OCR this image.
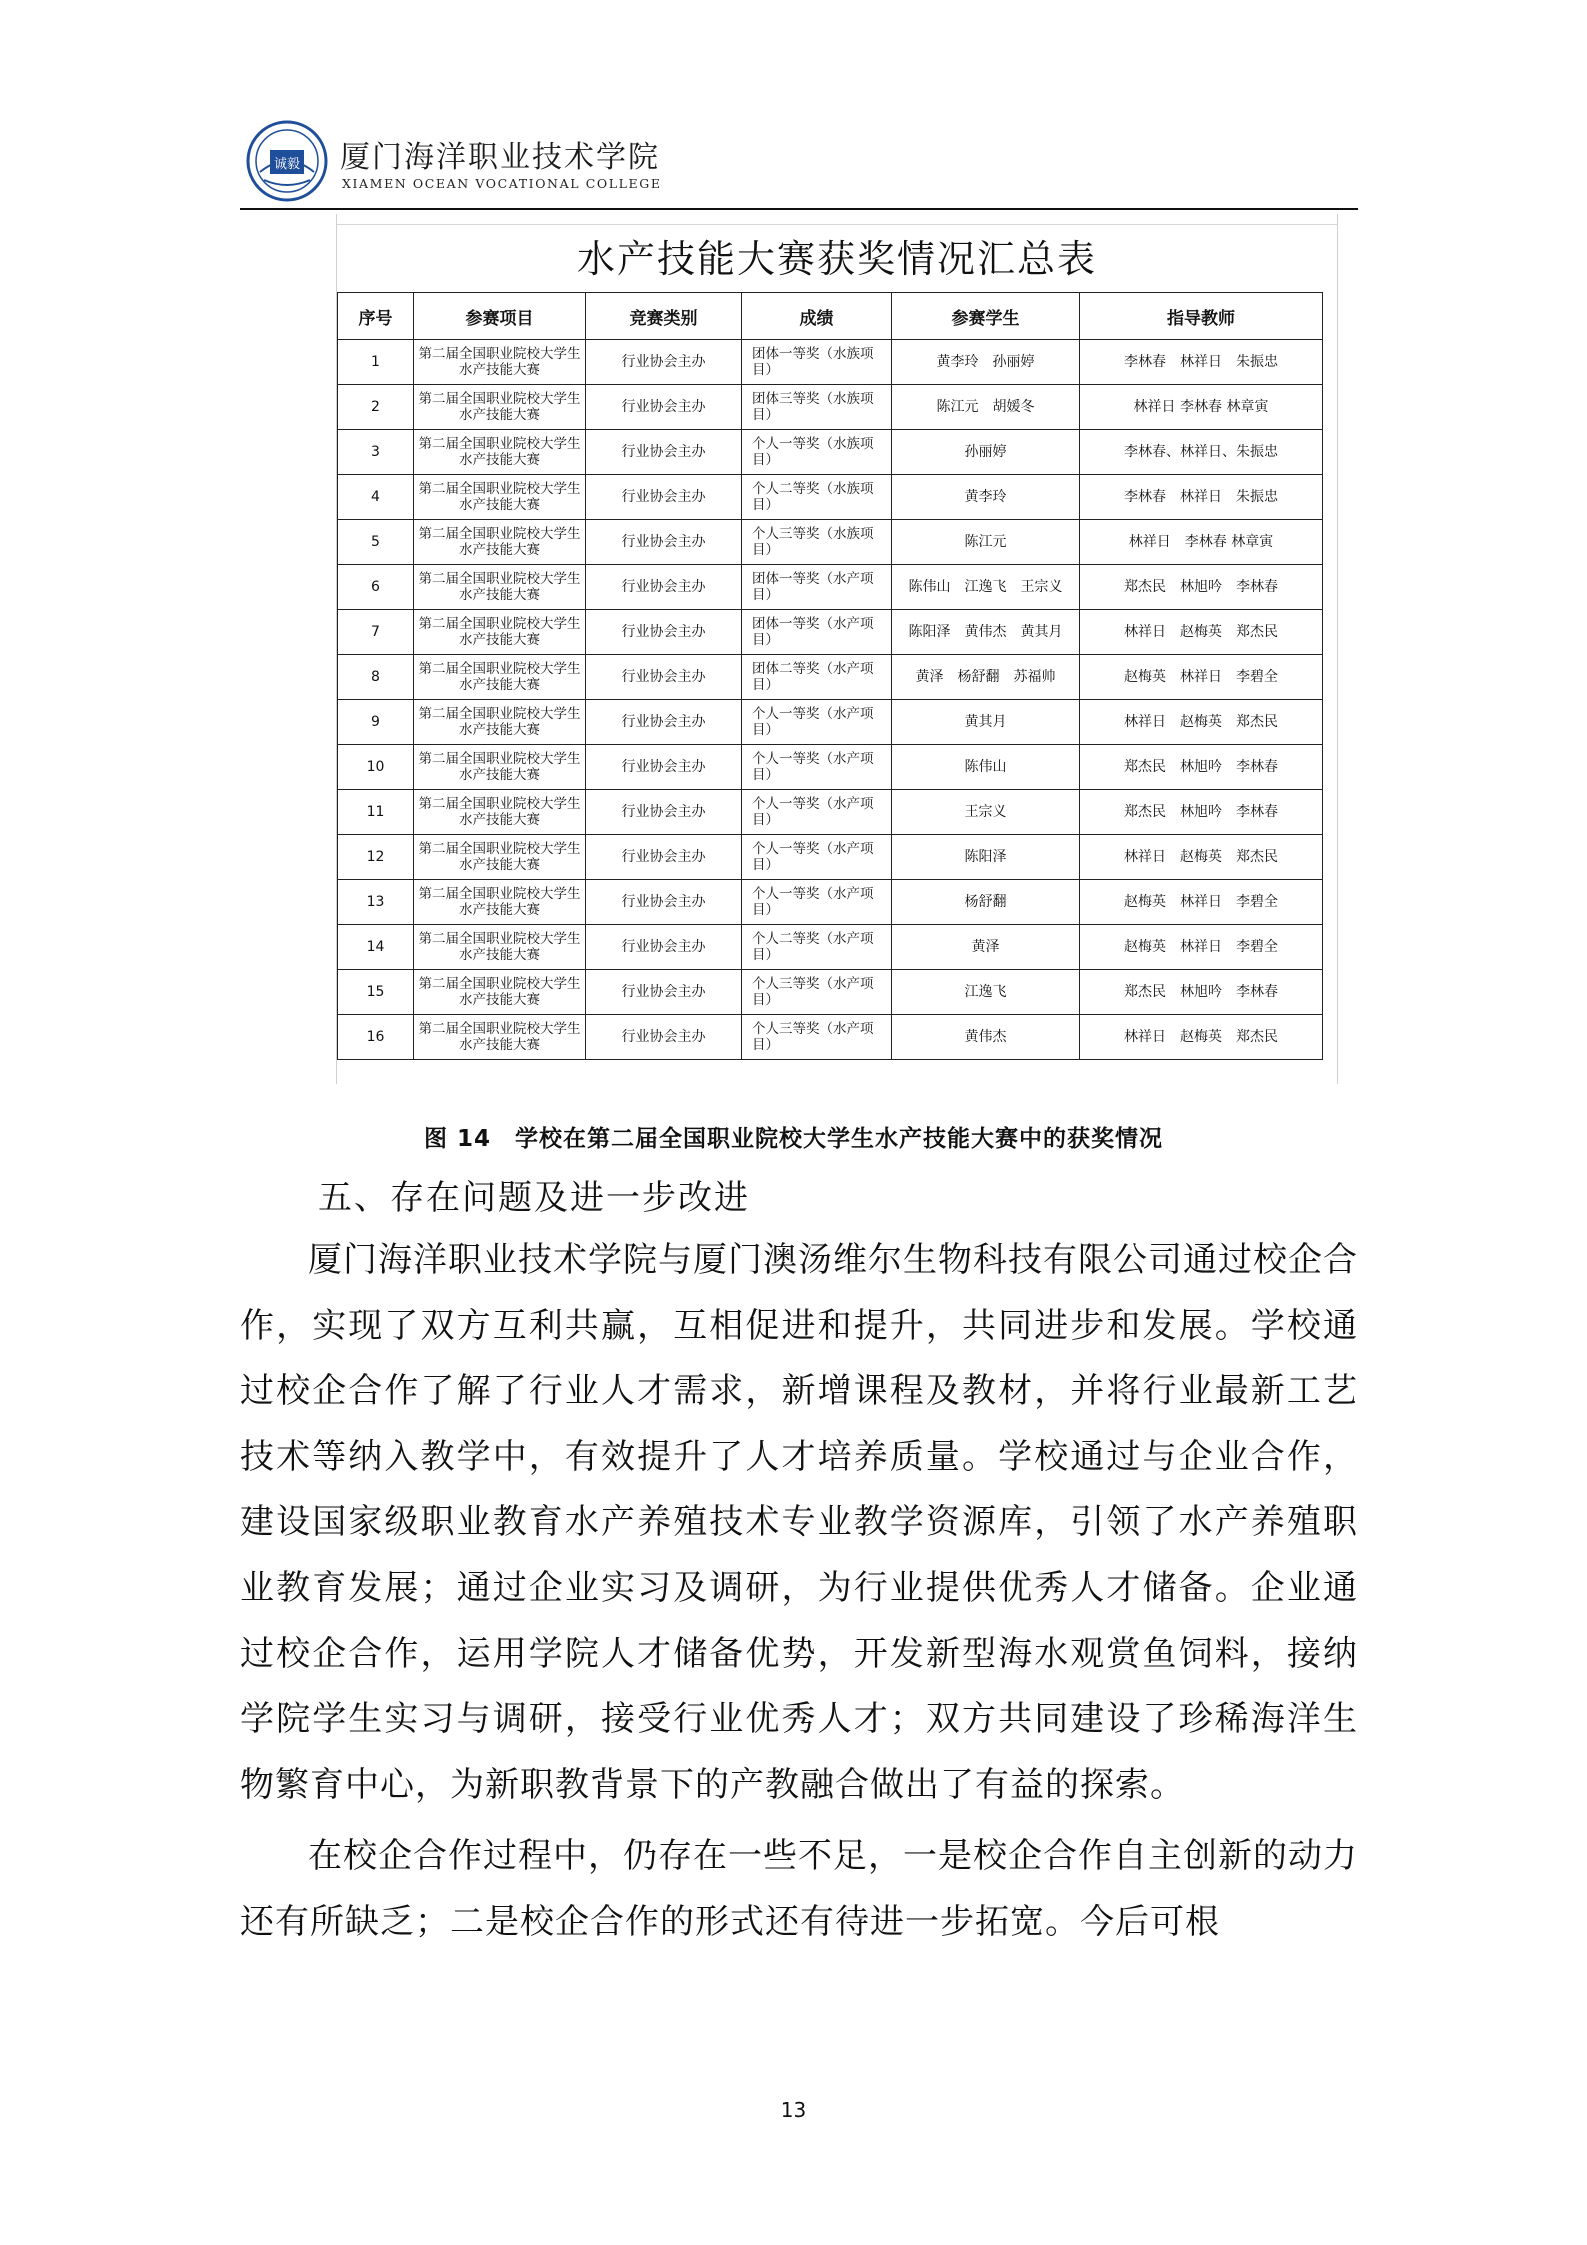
诚毅 厦门海洋职业技术学院
XIAMEN OCEAN VOCATIONAL COLLEGE
水产技能大赛获奖情况汇总表
序号	参赛项目	竞赛类别	成绩	参赛学生	指导教师
1	第二届全国职业院校大学生水产技能大赛	行业协会主办	团体一等奖（水族项目）	黄李玲　孙丽婷	李林春　林祥日　朱振忠
2	第二届全国职业院校大学生水产技能大赛	行业协会主办	团体三等奖（水族项目）	陈江元　胡媛冬	林祥日 李林春 林章寅
3	第二届全国职业院校大学生水产技能大赛	行业协会主办	个人一等奖（水族项目）	孙丽婷	李林春、林祥日、朱振忠
4	第二届全国职业院校大学生水产技能大赛	行业协会主办	个人二等奖（水族项目）	黄李玲	李林春　林祥日　朱振忠
5	第二届全国职业院校大学生水产技能大赛	行业协会主办	个人三等奖（水族项目）	陈江元	林祥日　李林春 林章寅
6	第二届全国职业院校大学生水产技能大赛	行业协会主办	团体一等奖（水产项目）	陈伟山　江逸飞　王宗义	郑杰民　林旭吟　李林春
7	第二届全国职业院校大学生水产技能大赛	行业协会主办	团体一等奖（水产项目）	陈阳泽　黄伟杰　黄其月	林祥日　赵梅英　郑杰民
8	第二届全国职业院校大学生水产技能大赛	行业协会主办	团体二等奖（水产项目）	黄泽　杨舒翻　苏福帅	赵梅英　林祥日　李碧全
9	第二届全国职业院校大学生水产技能大赛	行业协会主办	个人一等奖（水产项目）	黄其月	林祥日　赵梅英　郑杰民
10	第二届全国职业院校大学生水产技能大赛	行业协会主办	个人一等奖（水产项目）	陈伟山	郑杰民　林旭吟　李林春
11	第二届全国职业院校大学生水产技能大赛	行业协会主办	个人一等奖（水产项目）	王宗义	郑杰民　林旭吟　李林春
12	第二届全国职业院校大学生水产技能大赛	行业协会主办	个人一等奖（水产项目）	陈阳泽	林祥日　赵梅英　郑杰民
13	第二届全国职业院校大学生水产技能大赛	行业协会主办	个人一等奖（水产项目）	杨舒翻	赵梅英　林祥日　李碧全
14	第二届全国职业院校大学生水产技能大赛	行业协会主办	个人二等奖（水产项目）	黄泽	赵梅英　林祥日　李碧全
15	第二届全国职业院校大学生水产技能大赛	行业协会主办	个人三等奖（水产项目）	江逸飞	郑杰民　林旭吟　李林春
16	第二届全国职业院校大学生水产技能大赛	行业协会主办	个人三等奖（水产项目）	黄伟杰	林祥日　赵梅英　郑杰民
图 14　学校在第二届全国职业院校大学生水产技能大赛中的获奖情况
五、存在问题及进一步改进

厦门海洋职业技术学院与厦门澳汤维尔生物科技有限公司通过校企合作，实现了双方互利共赢，互相促进和提升，共同进步和发展。学校通过校企合作了解了行业人才需求，新增课程及教材，并将行业最新工艺技术等纳入教学中，有效提升了人才培养质量。学校通过与企业合作，建设国家级职业教育水产养殖技术专业教学资源库，引领了水产养殖职业教育发展；通过企业实习及调研，为行业提供优秀人才储备。企业通过校企合作，运用学院人才储备优势，开发新型海水观赏鱼饲料，接纳学院学生实习与调研，接受行业优秀人才；双方共同建设了珍稀海洋生物繁育中心，为新职教背景下的产教融合做出了有益的探索。

在校企合作过程中，仍存在一些不足，一是校企合作自主创新的动力还有所缺乏；二是校企合作的形式还有待进一步拓宽。今后可根

13
